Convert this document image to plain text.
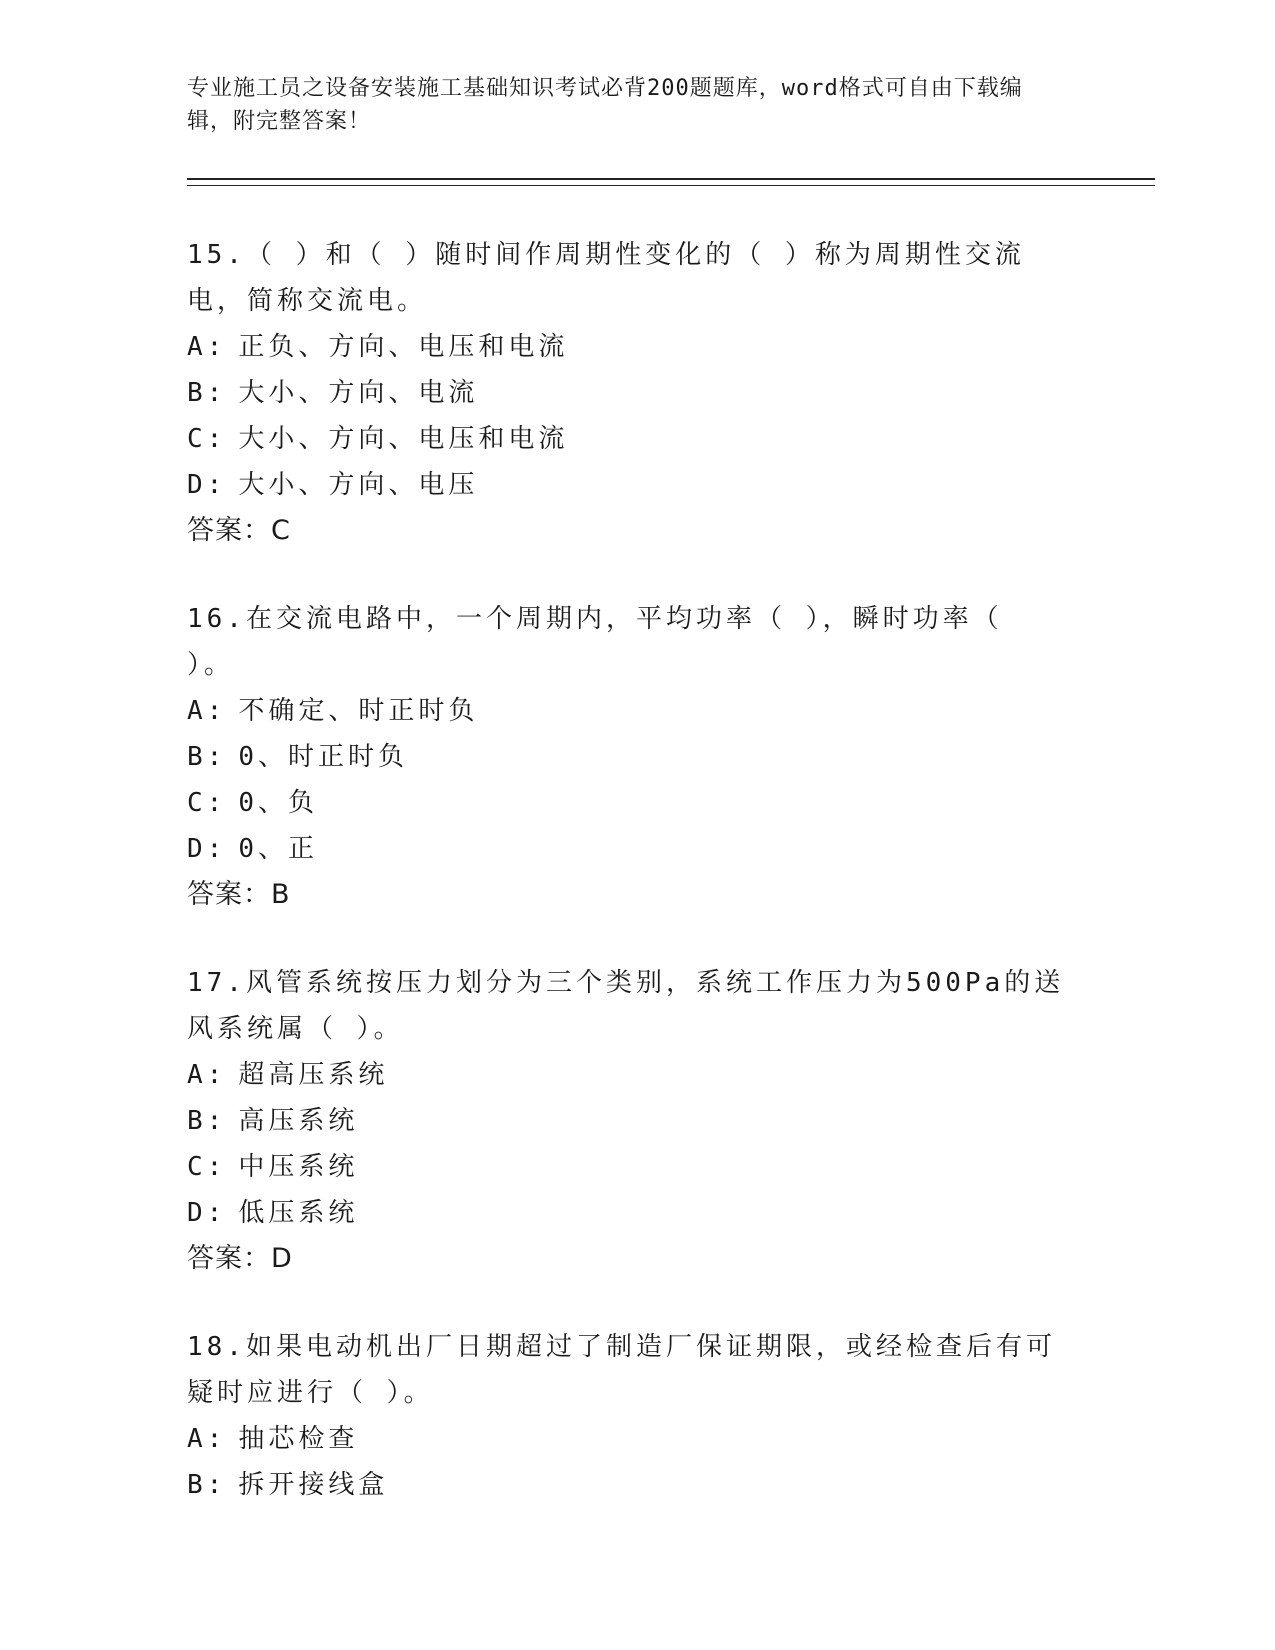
专业施工员之设备安装施工基础知识考试必背200题题库，word格式可自由下载编辑，附完整答案！
15.（ ）和（ ）随时间作周期性变化的（ ）称为周期性交流电，简称交流电。
A: 正负、方向、电压和电流
B: 大小、方向、电流
C: 大小、方向、电压和电流
D: 大小、方向、电压
答案：C
16.在交流电路中，一个周期内，平均功率（ ），瞬时功率（ ）。
A: 不确定、时正时负
B: 0、时正时负
C: 0、负
D: 0、正
答案：B
17.风管系统按压力划分为三个类别，系统工作压力为500Pa的送风系统属（ ）。
A: 超高压系统
B: 高压系统
C: 中压系统
D: 低压系统
答案：D
18.如果电动机出厂日期超过了制造厂保证期限，或经检查后有可疑时应进行（ ）。
A: 抽芯检查
B: 拆开接线盒
